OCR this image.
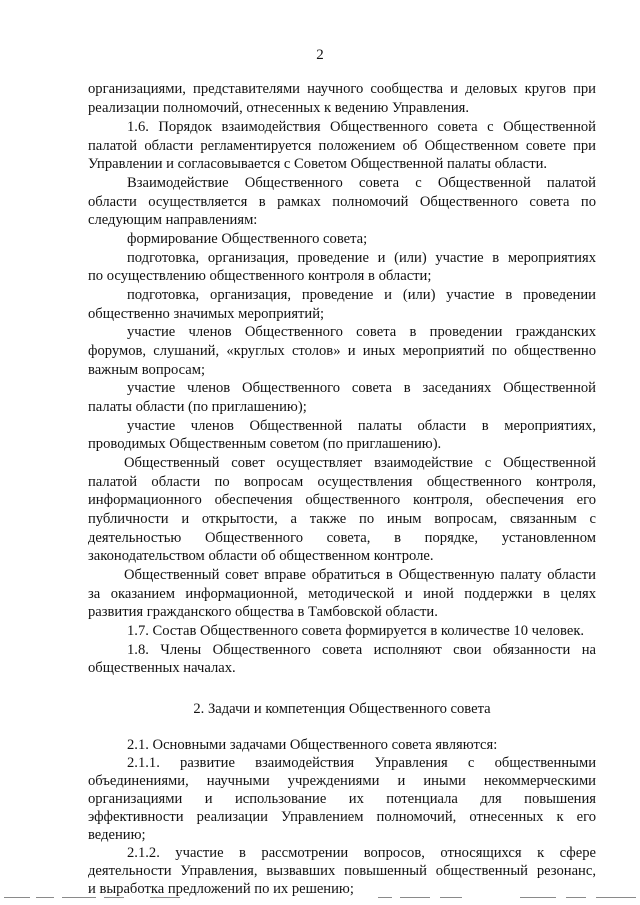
2
организациями, представителями научного сообщества и деловых кругов при
реализации полномочий, отнесенных к ведению Управления.
1.6. Порядок взаимодействия Общественного совета с Общественной
палатой области регламентируется положением об Общественном совете при
Управлении и согласовывается с Советом Общественной палаты области.
Взаимодействие Общественного совета с Общественной палатой
области осуществляется в рамках полномочий Общественного совета по
следующим направлениям:
формирование Общественного совета;
подготовка, организация, проведение и (или) участие в мероприятиях
по осуществлению общественного контроля в области;
подготовка, организация, проведение и (или) участие в проведении
общественно значимых мероприятий;
участие членов Общественного совета в проведении гражданских
форумов, слушаний, «круглых столов» и иных мероприятий по общественно
важным вопросам;
участие членов Общественного совета в заседаниях Общественной
палаты области (по приглашению);
участие членов Общественной палаты области в мероприятиях,
проводимых Общественным советом (по приглашению).
Общественный совет осуществляет взаимодействие с Общественной
палатой области по вопросам осуществления общественного контроля,
информационного обеспечения общественного контроля, обеспечения его
публичности и открытости, а также по иным вопросам, связанным с
деятельностью Общественного совета, в порядке, установленном
законодательством области об общественном контроле.
Общественный совет вправе обратиться в Общественную палату области
за оказанием информационной, методической и иной поддержки в целях
развития гражданского общества в Тамбовской области.
1.7. Состав Общественного совета формируется в количестве 10 человек.
1.8. Члены Общественного совета исполняют свои обязанности на
общественных началах.
2. Задачи и компетенция Общественного совета
2.1. Основными задачами Общественного совета являются:
2.1.1. развитие взаимодействия Управления с общественными
объединениями, научными учреждениями и иными некоммерческими
организациями и использование их потенциала для повышения
эффективности реализации Управлением полномочий, отнесенных к его
ведению;
2.1.2. участие в рассмотрении вопросов, относящихся к сфере
деятельности Управления, вызвавших повышенный общественный резонанс,
и выработка предложений по их решению;
